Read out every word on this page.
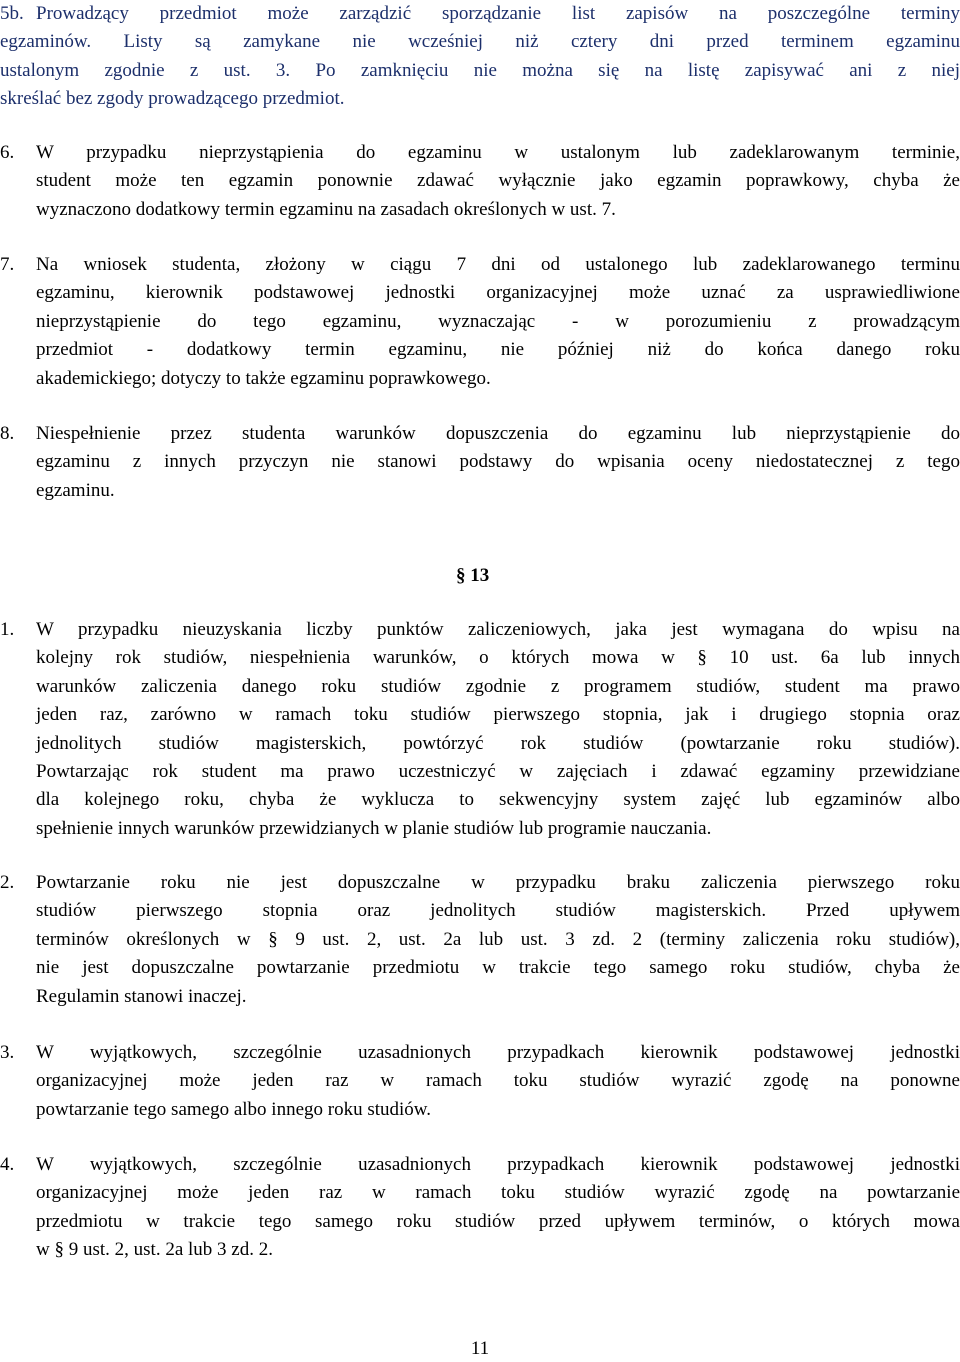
5b. Prowadzący przedmiot może zarządzić sporządzanie list zapisów na poszczególne terminy
egzaminów. Listy są zamykane nie wcześniej niż cztery dni przed terminem egzaminu
ustalonym zgodnie z ust. 3. Po zamknięciu nie można się na listę zapisywać ani z niej
skreślać bez zgody prowadzącego przedmiot.
6.	W przypadku nieprzystąpienia do egzaminu w ustalonym lub zadeklarowanym terminie,
student może ten egzamin ponownie zdawać wyłącznie jako egzamin poprawkowy, chyba że
wyznaczono dodatkowy termin egzaminu na zasadach określonych w ust. 7.
7.	Na wniosek studenta, złożony w ciągu 7 dni od ustalonego lub zadeklarowanego terminu
egzaminu, kierownik podstawowej jednostki organizacyjnej może uznać za usprawiedliwione
nieprzystąpienie do tego egzaminu, wyznaczając - w porozumieniu z prowadzącym
przedmiot - dodatkowy termin egzaminu, nie później niż do końca danego roku
akademickiego; dotyczy to także egzaminu poprawkowego.
8.	Niespełnienie przez studenta warunków dopuszczenia do egzaminu lub nieprzystąpienie do
egzaminu z innych przyczyn nie stanowi podstawy do wpisania oceny niedostatecznej z tego
egzaminu.
§ 13
1.	W przypadku nieuzyskania liczby punktów zaliczeniowych, jaka jest wymagana do wpisu na
kolejny rok studiów, niespełnienia warunków, o których mowa w § 10 ust. 6a lub innych
warunków zaliczenia danego roku studiów zgodnie z programem studiów, student ma prawo
jeden raz, zarówno w ramach toku studiów pierwszego stopnia, jak i drugiego stopnia oraz
jednolitych studiów magisterskich, powtórzyć rok studiów (powtarzanie roku studiów).
Powtarzając rok student ma prawo uczestniczyć w zajęciach i zdawać egzaminy przewidziane
dla kolejnego roku, chyba że wyklucza to sekwencyjny system zajęć lub egzaminów albo
spełnienie innych warunków przewidzianych w planie studiów lub programie nauczania.
2.	Powtarzanie roku nie jest dopuszczalne w przypadku braku zaliczenia pierwszego roku
studiów pierwszego stopnia oraz jednolitych studiów magisterskich. Przed upływem
terminów określonych w § 9 ust. 2, ust. 2a lub ust. 3 zd. 2 (terminy zaliczenia roku studiów),
nie jest dopuszczalne powtarzanie przedmiotu w trakcie tego samego roku studiów, chyba że
Regulamin stanowi inaczej.
3.	W wyjątkowych, szczególnie uzasadnionych przypadkach kierownik podstawowej jednostki
organizacyjnej może jeden raz w ramach toku studiów wyrazić zgodę na ponowne
powtarzanie tego samego albo innego roku studiów.
4.	W wyjątkowych, szczególnie uzasadnionych przypadkach kierownik podstawowej jednostki
organizacyjnej może jeden raz w ramach toku studiów wyrazić zgodę na powtarzanie
przedmiotu w trakcie tego samego roku studiów przed upływem terminów, o których mowa
w § 9 ust. 2, ust. 2a lub 3 zd. 2.
11
